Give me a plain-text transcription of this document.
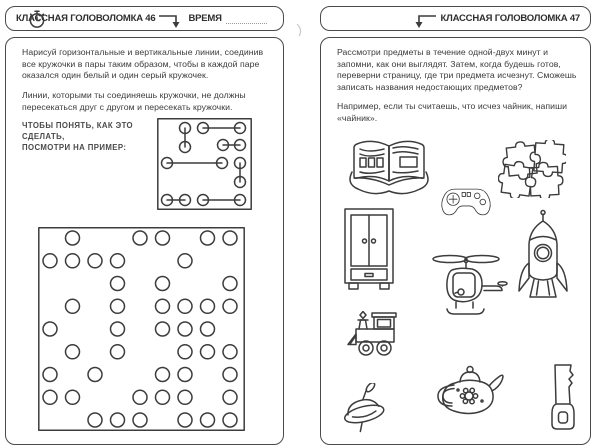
КЛАССНАЯ ГОЛОВОЛОМКА 46	ВРЕМЯ
Нарисуй горизонтальные и вертикальные линии, соединив все кружочки в пары таким образом, чтобы в каждой паре оказался один белый и один серый кружочек.
Линии, которыми ты соединяешь кружочки, не должны пересекаться друг с другом и пересекать кружочки.
ЧТОБЫ ПОНЯТЬ, КАК ЭТО СДЕЛАТЬ,
ПОСМОТРИ НА ПРИМЕР:
КЛАССНАЯ ГОЛОВОЛОМКА 47
Рассмотри предметы в течение одной-двух минут и запомни, как они выглядят. Затем, когда будешь готов, переверни страницу, где три предмета исчезнут. Сможешь записать названия недостающих предметов?
Например, если ты считаешь, что исчез чайник, напиши «чайник».
